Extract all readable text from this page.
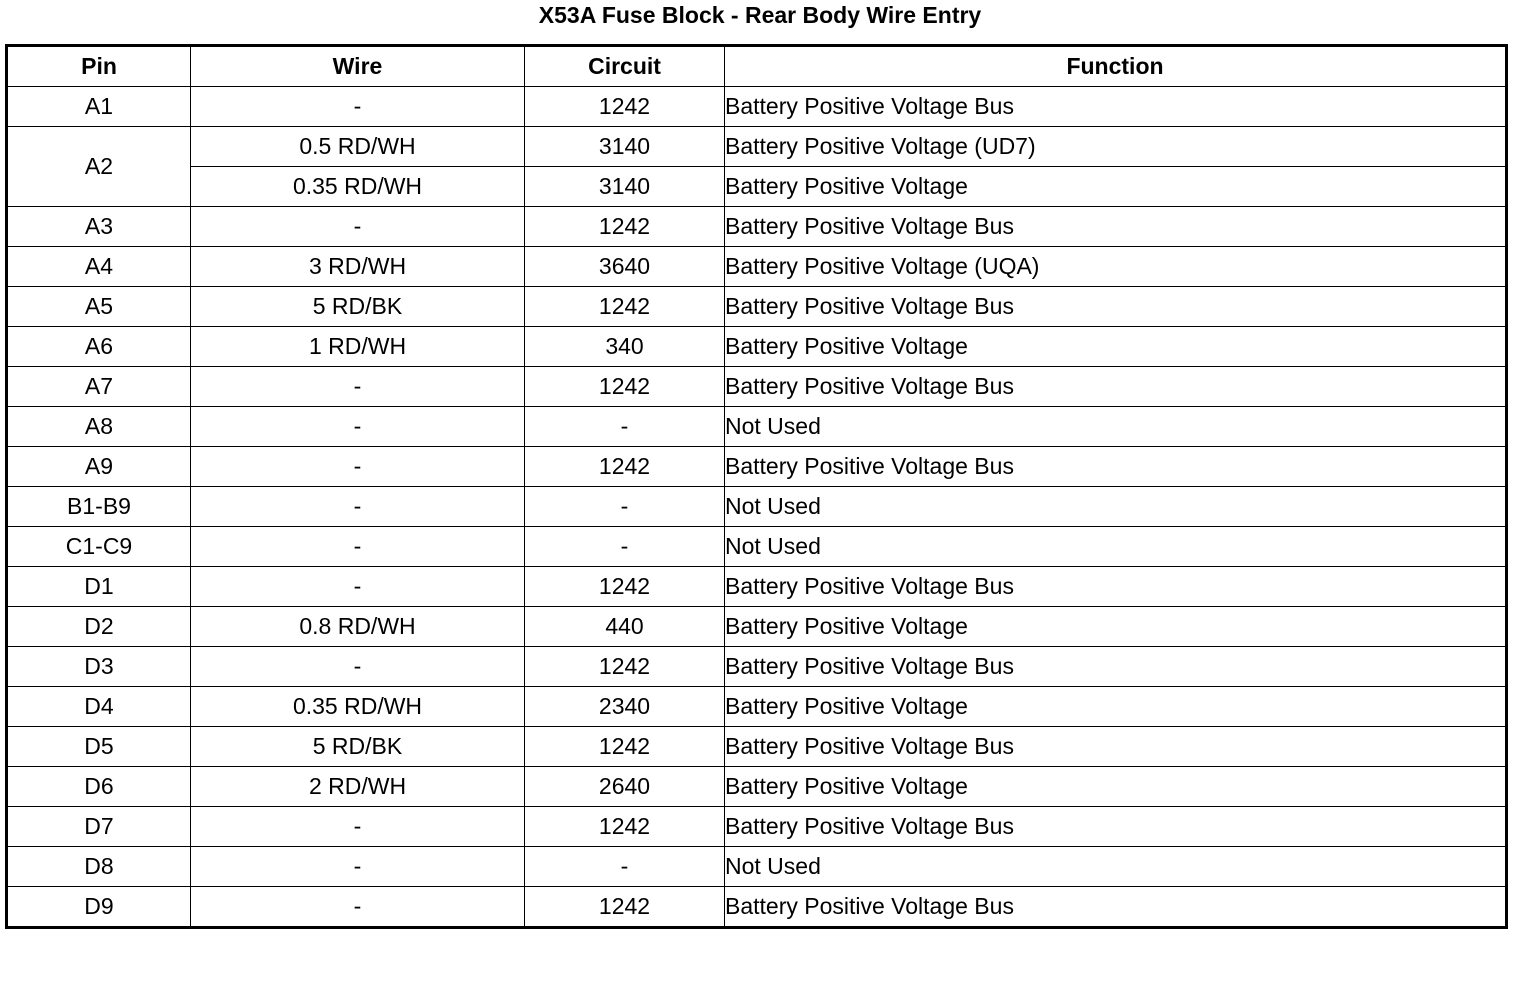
X53A Fuse Block - Rear Body Wire Entry
Pin	Wire	Circuit	Function
A1	-	1242	Battery Positive Voltage Bus
A2	0.5 RD/WH	3140	Battery Positive Voltage (UD7)
	0.35 RD/WH	3140	Battery Positive Voltage
A3	-	1242	Battery Positive Voltage Bus
A4	3 RD/WH	3640	Battery Positive Voltage (UQA)
A5	5 RD/BK	1242	Battery Positive Voltage Bus
A6	1 RD/WH	340	Battery Positive Voltage
A7	-	1242	Battery Positive Voltage Bus
A8	-	-	Not Used
A9	-	1242	Battery Positive Voltage Bus
B1-B9	-	-	Not Used
C1-C9	-	-	Not Used
D1	-	1242	Battery Positive Voltage Bus
D2	0.8 RD/WH	440	Battery Positive Voltage
D3	-	1242	Battery Positive Voltage Bus
D4	0.35 RD/WH	2340	Battery Positive Voltage
D5	5 RD/BK	1242	Battery Positive Voltage Bus
D6	2 RD/WH	2640	Battery Positive Voltage
D7	-	1242	Battery Positive Voltage Bus
D8	-	-	Not Used
D9	-	1242	Battery Positive Voltage Bus
